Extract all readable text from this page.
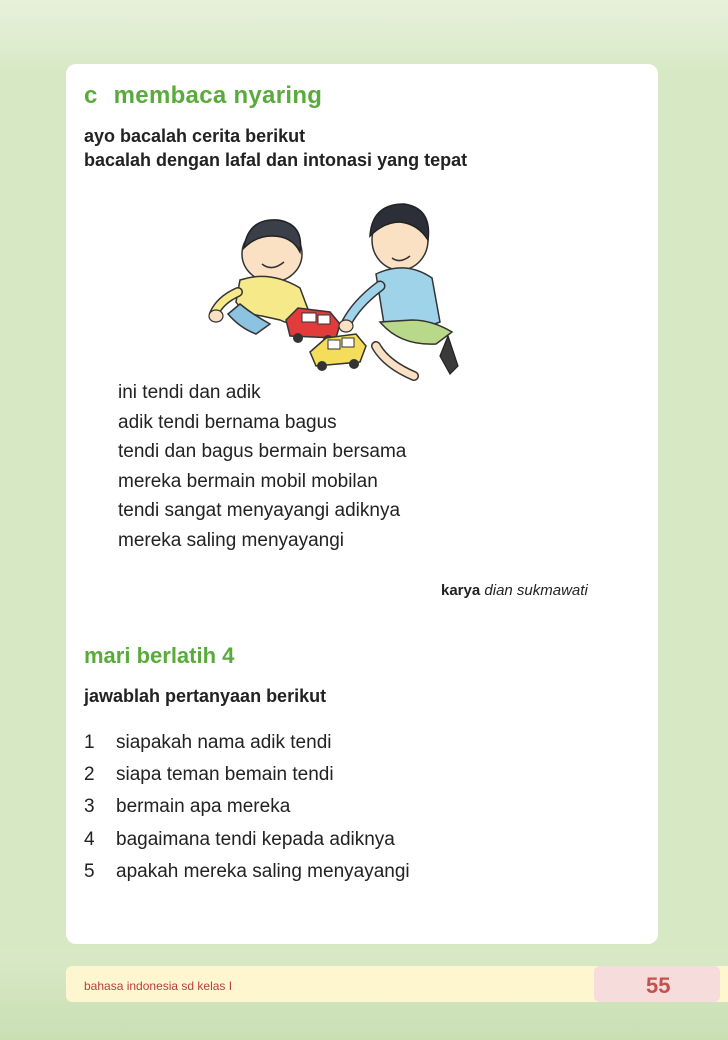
c membaca nyaring
ayo bacalah cerita berikut
bacalah dengan lafal dan intonasi yang tepat
ini tendi dan adik
adik tendi bernama bagus
tendi dan bagus bermain bersama
mereka bermain mobil mobilan
tendi sangat menyayangi adiknya
mereka saling menyayangi
karya dian sukmawati
mari berlatih 4
jawablah pertanyaan berikut
1 siapakah nama adik tendi
2 siapa teman bemain tendi
3 bermain apa mereka
4 bagaimana tendi kepada adiknya
5 apakah mereka saling menyayangi
bahasa indonesia sd kelas I	55
